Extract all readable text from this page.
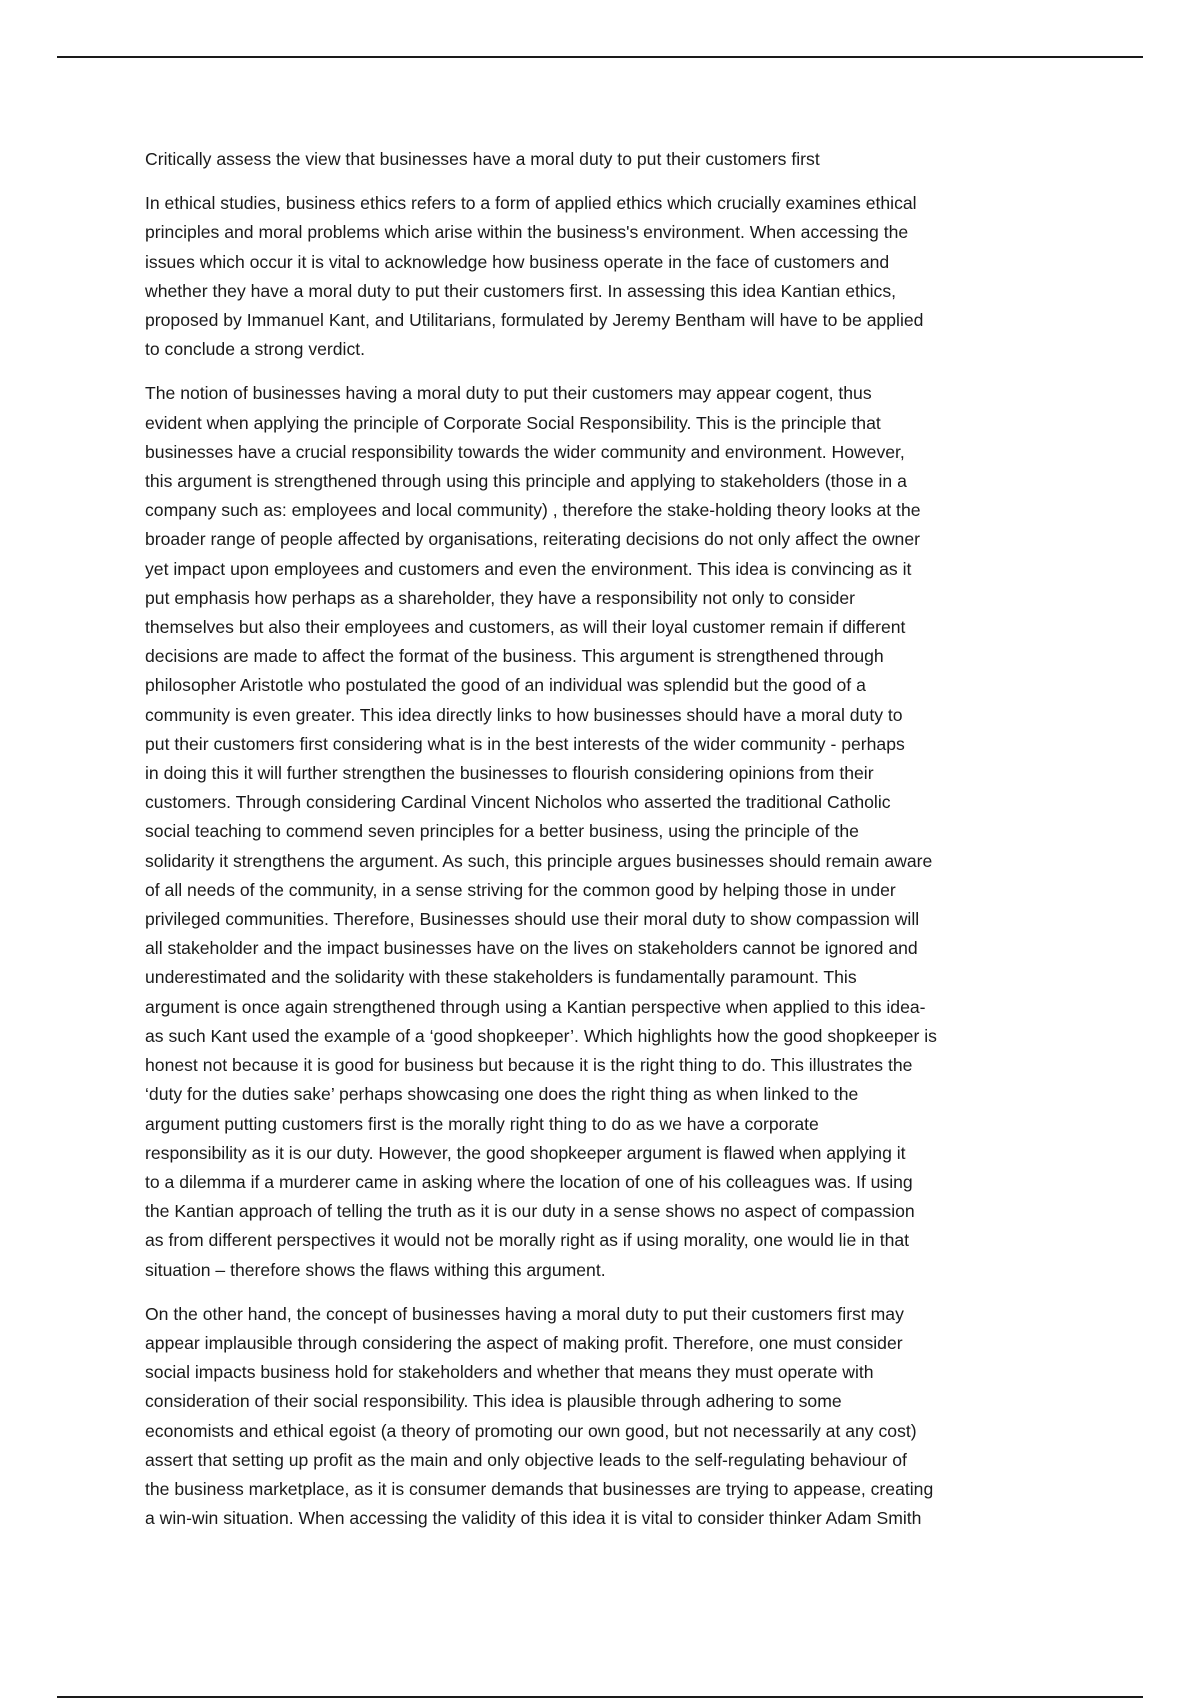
Critically assess the view that businesses have a moral duty to put their customers first

In ethical studies, business ethics refers to a form of applied ethics which crucially examines ethical
principles and moral problems which arise within the business's environment. When accessing the
issues which occur it is vital to acknowledge how business operate in the face of customers and
whether they have a moral duty to put their customers first. In assessing this idea Kantian ethics,
proposed by Immanuel Kant, and Utilitarians, formulated by Jeremy Bentham will have to be applied
to conclude a strong verdict.

The notion of businesses having a moral duty to put their customers may appear cogent, thus
evident when applying the principle of Corporate Social Responsibility. This is the principle that
businesses have a crucial responsibility towards the wider community and environment. However,
this argument is strengthened through using this principle and applying to stakeholders (those in a
company such as: employees and local community) , therefore the stake-holding theory looks at the
broader range of people affected by organisations, reiterating decisions do not only affect the owner
yet impact upon employees and customers and even the environment. This idea is convincing as it
put emphasis how perhaps as a shareholder, they have a responsibility not only to consider
themselves but also their employees and customers, as will their loyal customer remain if different
decisions are made to affect the format of the business. This argument is strengthened through
philosopher Aristotle who postulated the good of an individual was splendid but the good of a
community is even greater. This idea directly links to how businesses should have a moral duty to
put their customers first considering what is in the best interests of the wider community - perhaps
in doing this it will further strengthen the businesses to flourish considering opinions from their
customers. Through considering Cardinal Vincent Nicholos who asserted the traditional Catholic
social teaching to commend seven principles for a better business, using the principle of the
solidarity it strengthens the argument. As such, this principle argues businesses should remain aware
of all needs of the community, in a sense striving for the common good by helping those in under
privileged communities. Therefore, Businesses should use their moral duty to show compassion will
all stakeholder and the impact businesses have on the lives on stakeholders cannot be ignored and
underestimated and the solidarity with these stakeholders is fundamentally paramount. This
argument is once again strengthened through using a Kantian perspective when applied to this idea-
as such Kant used the example of a ‘good shopkeeper’. Which highlights how the good shopkeeper is
honest not because it is good for business but because it is the right thing to do. This illustrates the
‘duty for the duties sake’ perhaps showcasing one does the right thing as when linked to the
argument putting customers first is the morally right thing to do as we have a corporate
responsibility as it is our duty. However, the good shopkeeper argument is flawed when applying it
to a dilemma if a murderer came in asking where the location of one of his colleagues was. If using
the Kantian approach of telling the truth as it is our duty in a sense shows no aspect of compassion
as from different perspectives it would not be morally right as if using morality, one would lie in that
situation – therefore shows the flaws withing this argument.

On the other hand, the concept of businesses having a moral duty to put their customers first may
appear implausible through considering the aspect of making profit. Therefore, one must consider
social impacts business hold for stakeholders and whether that means they must operate with
consideration of their social responsibility. This idea is plausible through adhering to some
economists and ethical egoist (a theory of promoting our own good, but not necessarily at any cost)
assert that setting up profit as the main and only objective leads to the self-regulating behaviour of
the business marketplace, as it is consumer demands that businesses are trying to appease, creating
a win-win situation. When accessing the validity of this idea it is vital to consider thinker Adam Smith
